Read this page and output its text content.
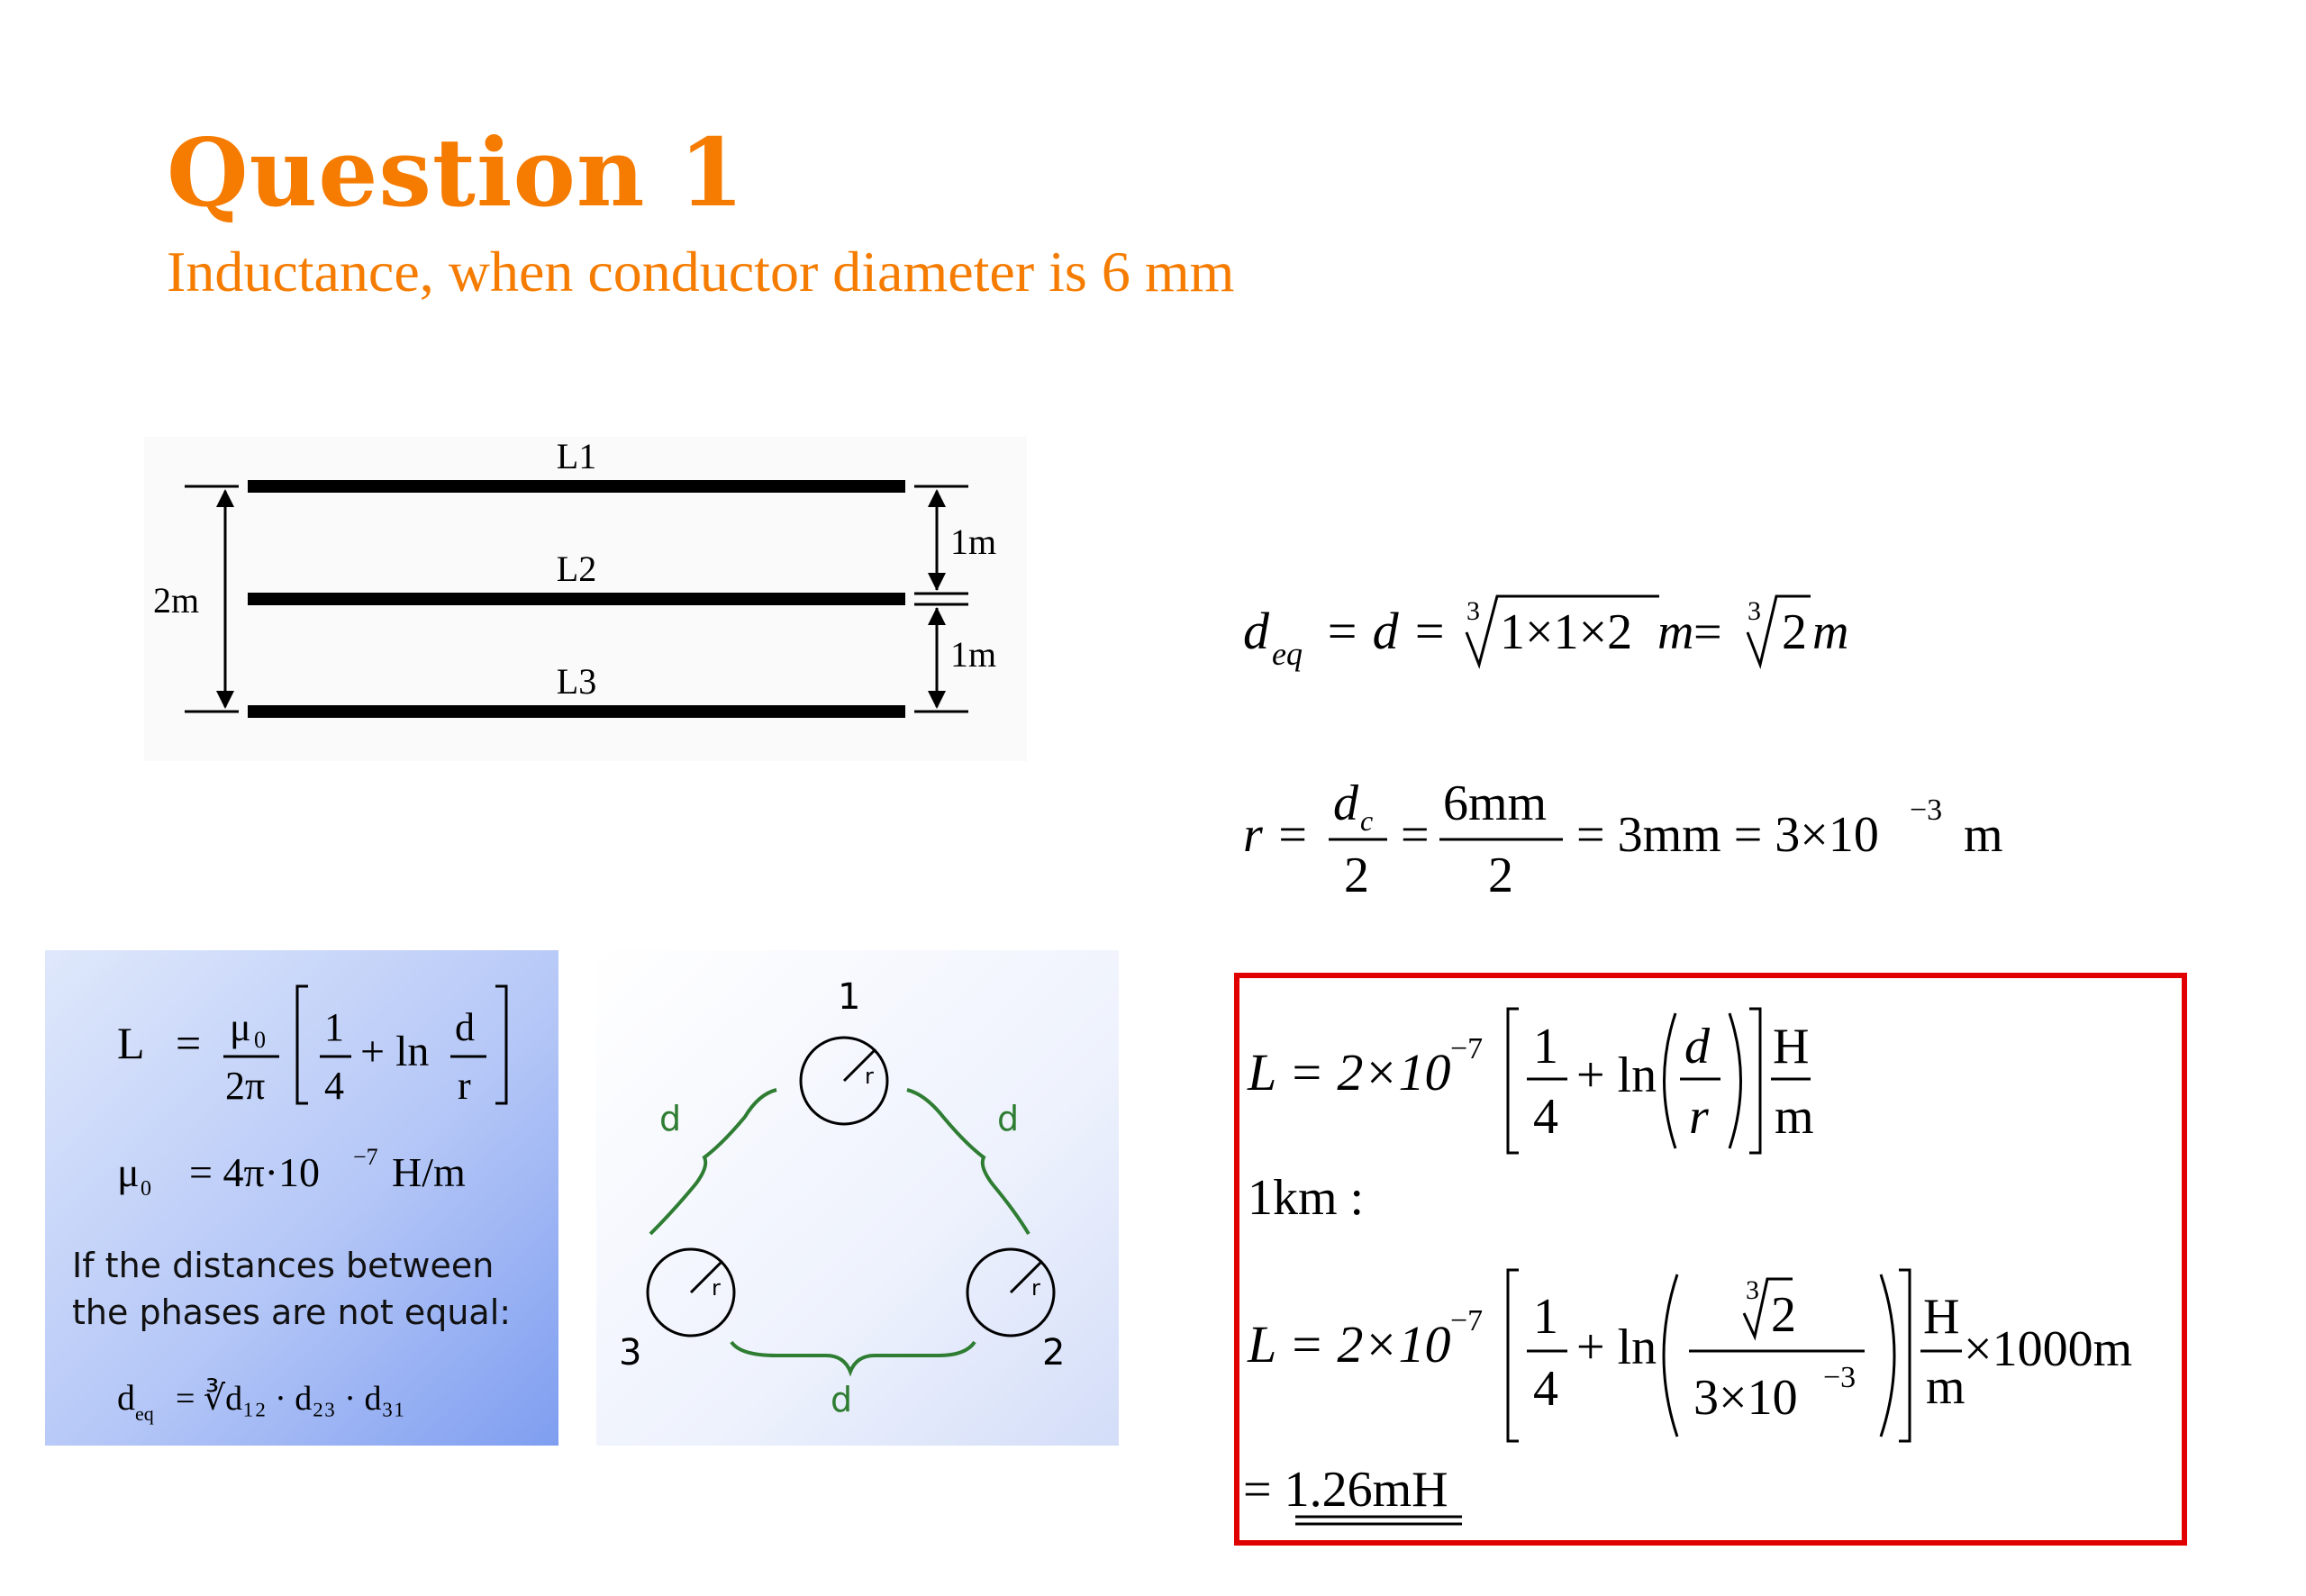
Question 1
Inductance, when conductor diameter is 6 mm
L1
L2
L3
2m
1m
1m
L = μ 0
2π
1
4
+ ln
d
r
μ 0 = 4π·10 −7 H/m
If the distances between
the phases are not equal:
d eq = ∛d₁₂ · d₂₃ · d₃₁
r
r	r
1
2
3
d	d
d
d eq = d = 3 1×1×2 m = 3 2 m
r =
d c
2
=
6mm
2
= 3mm = 3×10 −3 m
L = 2×10 −7 1
4
+ ln
d
r
H
m
1km :
L = 2×10 −7 1
4
+ ln
3 2
3×10 −3
H
m
×1000m
= 1.26mH
